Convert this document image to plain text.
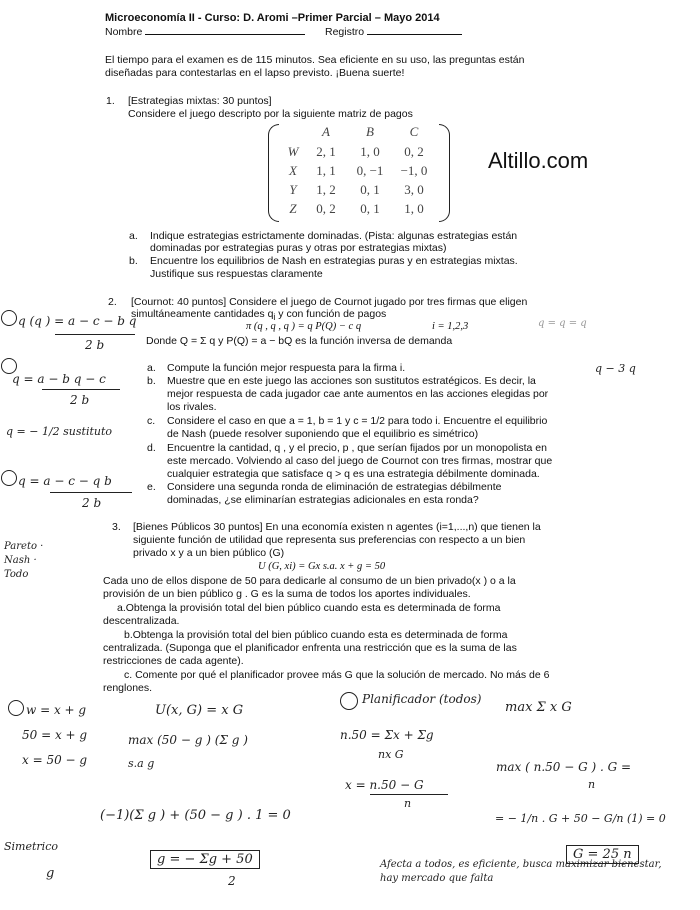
Microeconomía II - Curso: D. Aromi –Primer Parcial – Mayo 2014
Nombre	Registro
El tiempo para el examen es de 115 minutos. Sea eficiente en su uso, las preguntas están
diseñadas para contestarlas en el lapso previsto. ¡Buena suerte!
1. [Estrategias mixtas: 30 puntos]
Considere el juego descripto por la siguiente matriz de pagos
A	B	C
W	2, 1	1, 0	0, 2
X	1, 1	0, −1	−1, 0
Y	1, 2	0, 1	3, 0
Z	0, 2	0, 1	1, 0
Altillo.com
a. Indique estrategias estrictamente dominadas. (Pista: algunas estrategias están
dominadas por estrategias puras y otras por estrategias mixtas)
b. Encuentre los equilibrios de Nash en estrategias puras y en estrategias mixtas.
Justifique sus respuestas claramente
2. [Cournot: 40 puntos] Considere el juego de Cournot jugado por tres firmas que eligen
simultáneamente cantidades $q_i$ y con función de pagos
π (q , q , q ) = q P(Q) − c q	i = 1,2,3
Donde Q = Σ q y P(Q) = a − bQ es la función inversa de demanda
a. Compute la función mejor respuesta para la firma i.
b. Muestre que en este juego las acciones son sustitutos estratégicos. Es decir, la
mejor respuesta de cada jugador cae ante aumentos en las acciones elegidas por
los rivales.
c. Considere el caso en que a = 1, b = 1 y c = 1/2 para todo i. Encuentre el equilibrio
de Nash (puede resolver suponiendo que el equilibrio es simétrico)
d. Encuentre la cantidad, q , y el precio, p , que serían fijados por un monopolista en
este mercado. Volviendo al caso del juego de Cournot con tres firmas, mostrar que
cualquier estrategia que satisface q > q es una estrategia débilmente dominada.
e. Considere una segunda ronda de eliminación de estrategias débilmente
dominadas, ¿se eliminarían estrategias adicionales en esta ronda?
3. [Bienes Públicos 30 puntos] En una economía existen n agentes (i=1,...,n) que tienen la
siguiente función de utilidad que representa sus preferencias con respecto a un bien
privado x y a un bien público (G)
U (G, xi) = Gx s.a. x + g = 50
Cada uno de ellos dispone de 50 para dedicarle al consumo de un bien privado(x ) o a la
provisión de un bien público g . G es la suma de todos los aportes individuales.
a.Obtenga la provisión total del bien público cuando esta es determinada de forma
descentralizada.
b.Obtenga la provisión total del bien público cuando esta es determinada de forma
centralizada. (Suponga que el planificador enfrenta una restricción que es la suma de las
restricciones de cada agente).
c. Comente por qué el planificador provee más G que la solución de mercado. No más de 6
renglones.
q (q ) = a − c − b q
2 b
q = a − b q − c
2 b
q = − 1/2 sustituto
q = a − c − q b
2 b
q = q = q
q − 3 q
Pareto · Nash · Todo
w = x + g
50 = x + g
x = 50 − g
U(x, G) = x G
max (50 − g ) (Σ g )
s.a g
Planificador (todos)
max Σ x G
n.50 = Σx + Σg
nx G
x = n.50 − G
n
max ( n.50 − G ) . G =
n
(−1)(Σ g ) + (50 − g ) . 1 = 0	= − 1/n . G + 50 − G/n (1) = 0
G = 25 n
Simetrico
g
g = − Σg + 50
2
Afecta a todos, es eficiente, busca maximizar bienestar, hay mercado que falta
